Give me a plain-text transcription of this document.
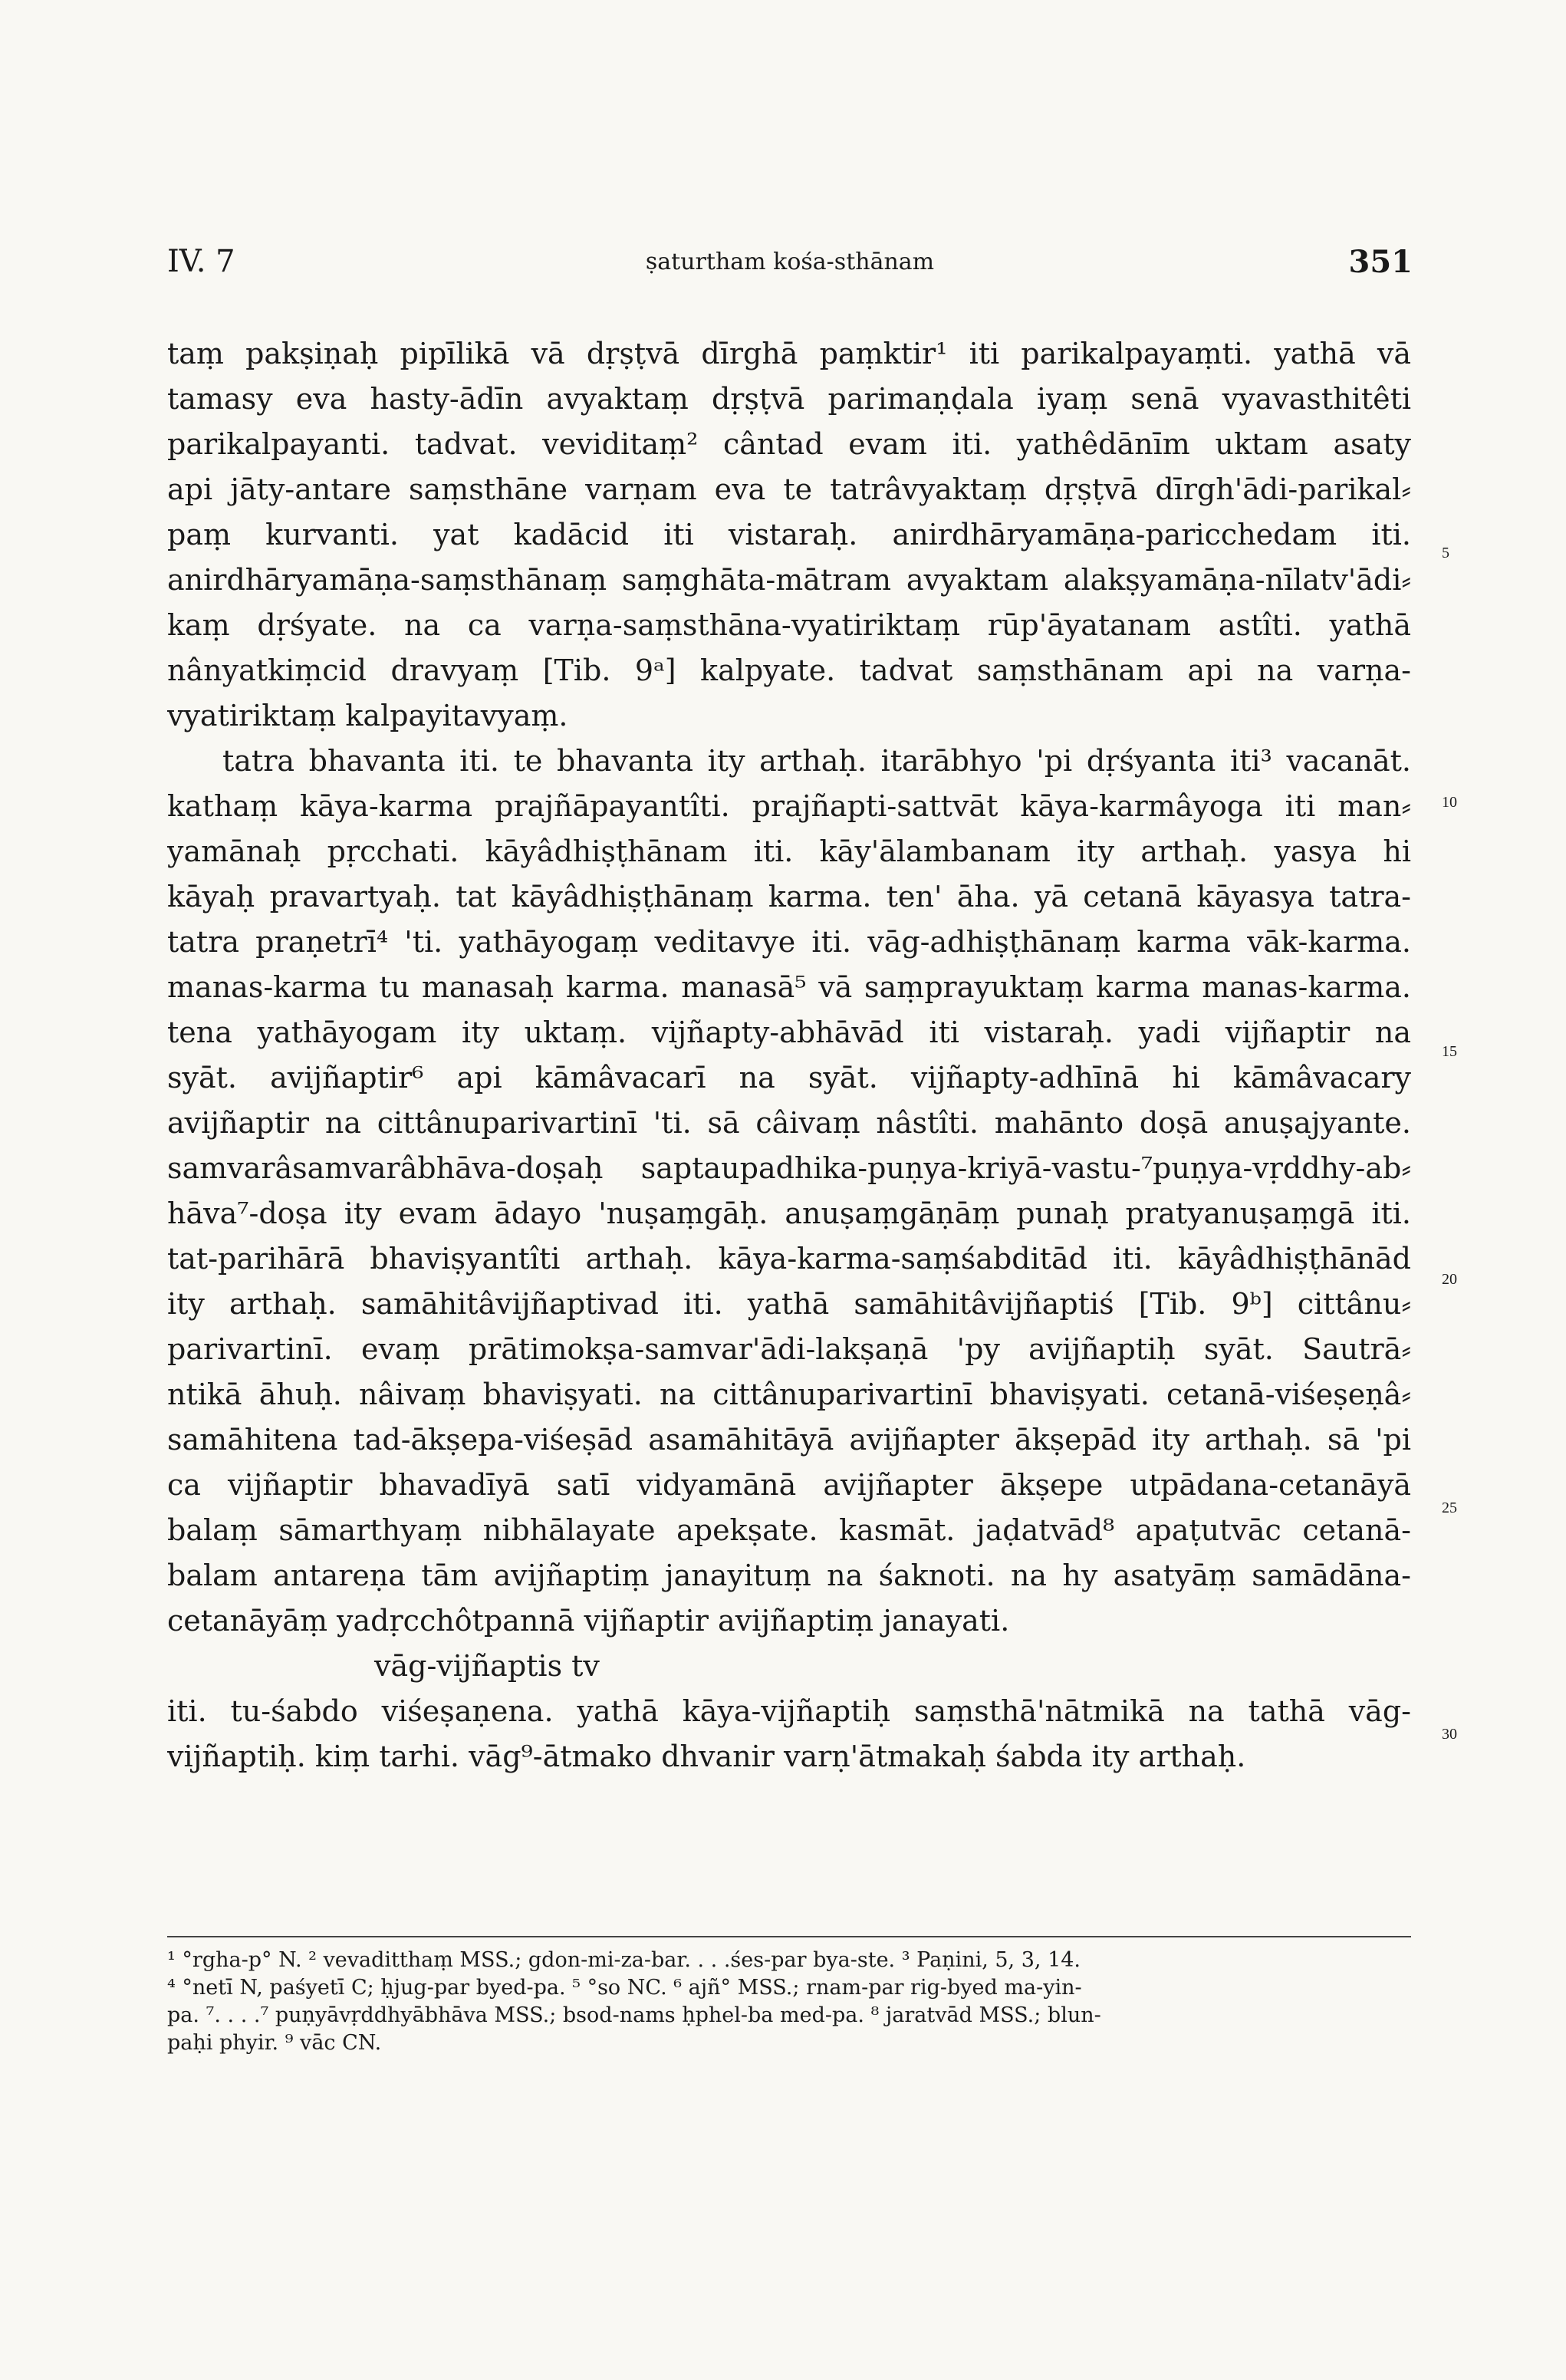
IV. 7	ṣaturtham kośa-sthānam	351
taṃ pakṣiṇaḥ pipīlikā vā dṛṣṭvā dīrghā paṃktir¹ iti parikalpayaṃti. yathā vā
tamasy eva hasty-ādīn avyaktaṃ dṛṣṭvā parimaṇḍala iyaṃ senā vyavasthitêti
parikalpayanti. tadvat. veviditaṃ² cântad evam iti. yathêdānīm uktam asaty
api jāty-antare saṃsthāne varṇam eva te tatrâvyaktaṃ dṛṣṭvā dīrgh'ādi-parikal⸗
paṃ kurvanti. yat kadācid iti vistaraḥ. anirdhāryamāṇa-paricchedam iti.
anirdhāryamāṇa-saṃsthānaṃ saṃghāta-mātram avyaktam alakṣyamāṇa-nīlatv'ādi⸗
kaṃ dṛśyate. na ca varṇa-saṃsthāna-vyatiriktaṃ rūp'āyatanam astîti. yathā
nânyatkiṃcid dravyaṃ [Tib. 9ᵃ] kalpyate. tadvat saṃsthānam api na varṇa-
vyatiriktaṃ kalpayitavyaṃ.
tatra bhavanta iti. te bhavanta ity arthaḥ. itarābhyo 'pi dṛśyanta iti³ vacanāt.
kathaṃ kāya-karma prajñāpayantîti. prajñapti-sattvāt kāya-karmâyoga iti man⸗
yamānaḥ pṛcchati. kāyâdhiṣṭhānam iti. kāy'ālambanam ity arthaḥ. yasya hi
kāyaḥ pravartyaḥ. tat kāyâdhiṣṭhānaṃ karma. ten' āha. yā cetanā kāyasya tatra-
tatra praṇetrī⁴ 'ti. yathāyogaṃ veditavye iti. vāg-adhiṣṭhānaṃ karma vāk-karma.
manas-karma tu manasaḥ karma. manasā⁵ vā saṃprayuktaṃ karma manas-karma.
tena yathāyogam ity uktaṃ. vijñapty-abhāvād iti vistaraḥ. yadi vijñaptir na
syāt. avijñaptir⁶ api kāmâvacarī na syāt. vijñapty-adhīnā hi kāmâvacary
avijñaptir na cittânuparivartinī 'ti. sā câivaṃ nâstîti. mahānto doṣā anuṣajyante.
samvarâsamvarâbhāva-doṣaḥ saptaupadhika-puṇya-kriyā-vastu-⁷puṇya-vṛddhy-ab⸗
hāva⁷-doṣa ity evam ādayo 'nuṣaṃgāḥ. anuṣaṃgāṇāṃ punaḥ pratyanuṣaṃgā iti.
tat-parihārā bhaviṣyantîti arthaḥ. kāya-karma-saṃśabditād iti. kāyâdhiṣṭhānād
ity arthaḥ. samāhitâvijñaptivad iti. yathā samāhitâvijñaptiś [Tib. 9ᵇ] cittânu⸗
parivartinī. evaṃ prātimokṣa-samvar'ādi-lakṣaṇā 'py avijñaptiḥ syāt. Sautrā⸗
ntikā āhuḥ. nâivaṃ bhaviṣyati. na cittânuparivartinī bhaviṣyati. cetanā-viśeṣeṇâ⸗
samāhitena tad-ākṣepa-viśeṣād asamāhitāyā avijñapter ākṣepād ity arthaḥ. sā 'pi
ca vijñaptir bhavadīyā satī vidyamānā avijñapter ākṣepe utpādana-cetanāyā
balaṃ sāmarthyaṃ nibhālayate apekṣate. kasmāt. jaḍatvād⁸ apaṭutvāc cetanā-
balam antareṇa tām avijñaptiṃ janayituṃ na śaknoti. na hy asatyāṃ samādāna-
cetanāyāṃ yadṛcchôtpannā vijñaptir avijñaptiṃ janayati.
vāg-vijñaptis tv
iti. tu-śabdo viśeṣaṇena. yathā kāya-vijñaptiḥ saṃsthā'nātmikā na tathā vāg-
vijñaptiḥ. kiṃ tarhi. vāg⁹-ātmako dhvanir varṇ'ātmakaḥ śabda ity arthaḥ.
5
10
15
20
25
30
¹ °rgha-p° N. ² vevaditthaṃ MSS.; gdon-mi-za-bar. . . .śes-par bya-ste. ³ Paṇini, 5, 3, 14.
⁴ °netī N, paśyetī C; ḥjug-par byed-pa. ⁵ °so NC. ⁶ ajñ° MSS.; rnam-par rig-byed ma-yin-
pa. ⁷. . . .⁷ puṇyāvṛddhyābhāva MSS.; bsod-nams ḥphel-ba med-pa. ⁸ jaratvād MSS.; blun-
paḥi phyir. ⁹ vāc CN.
